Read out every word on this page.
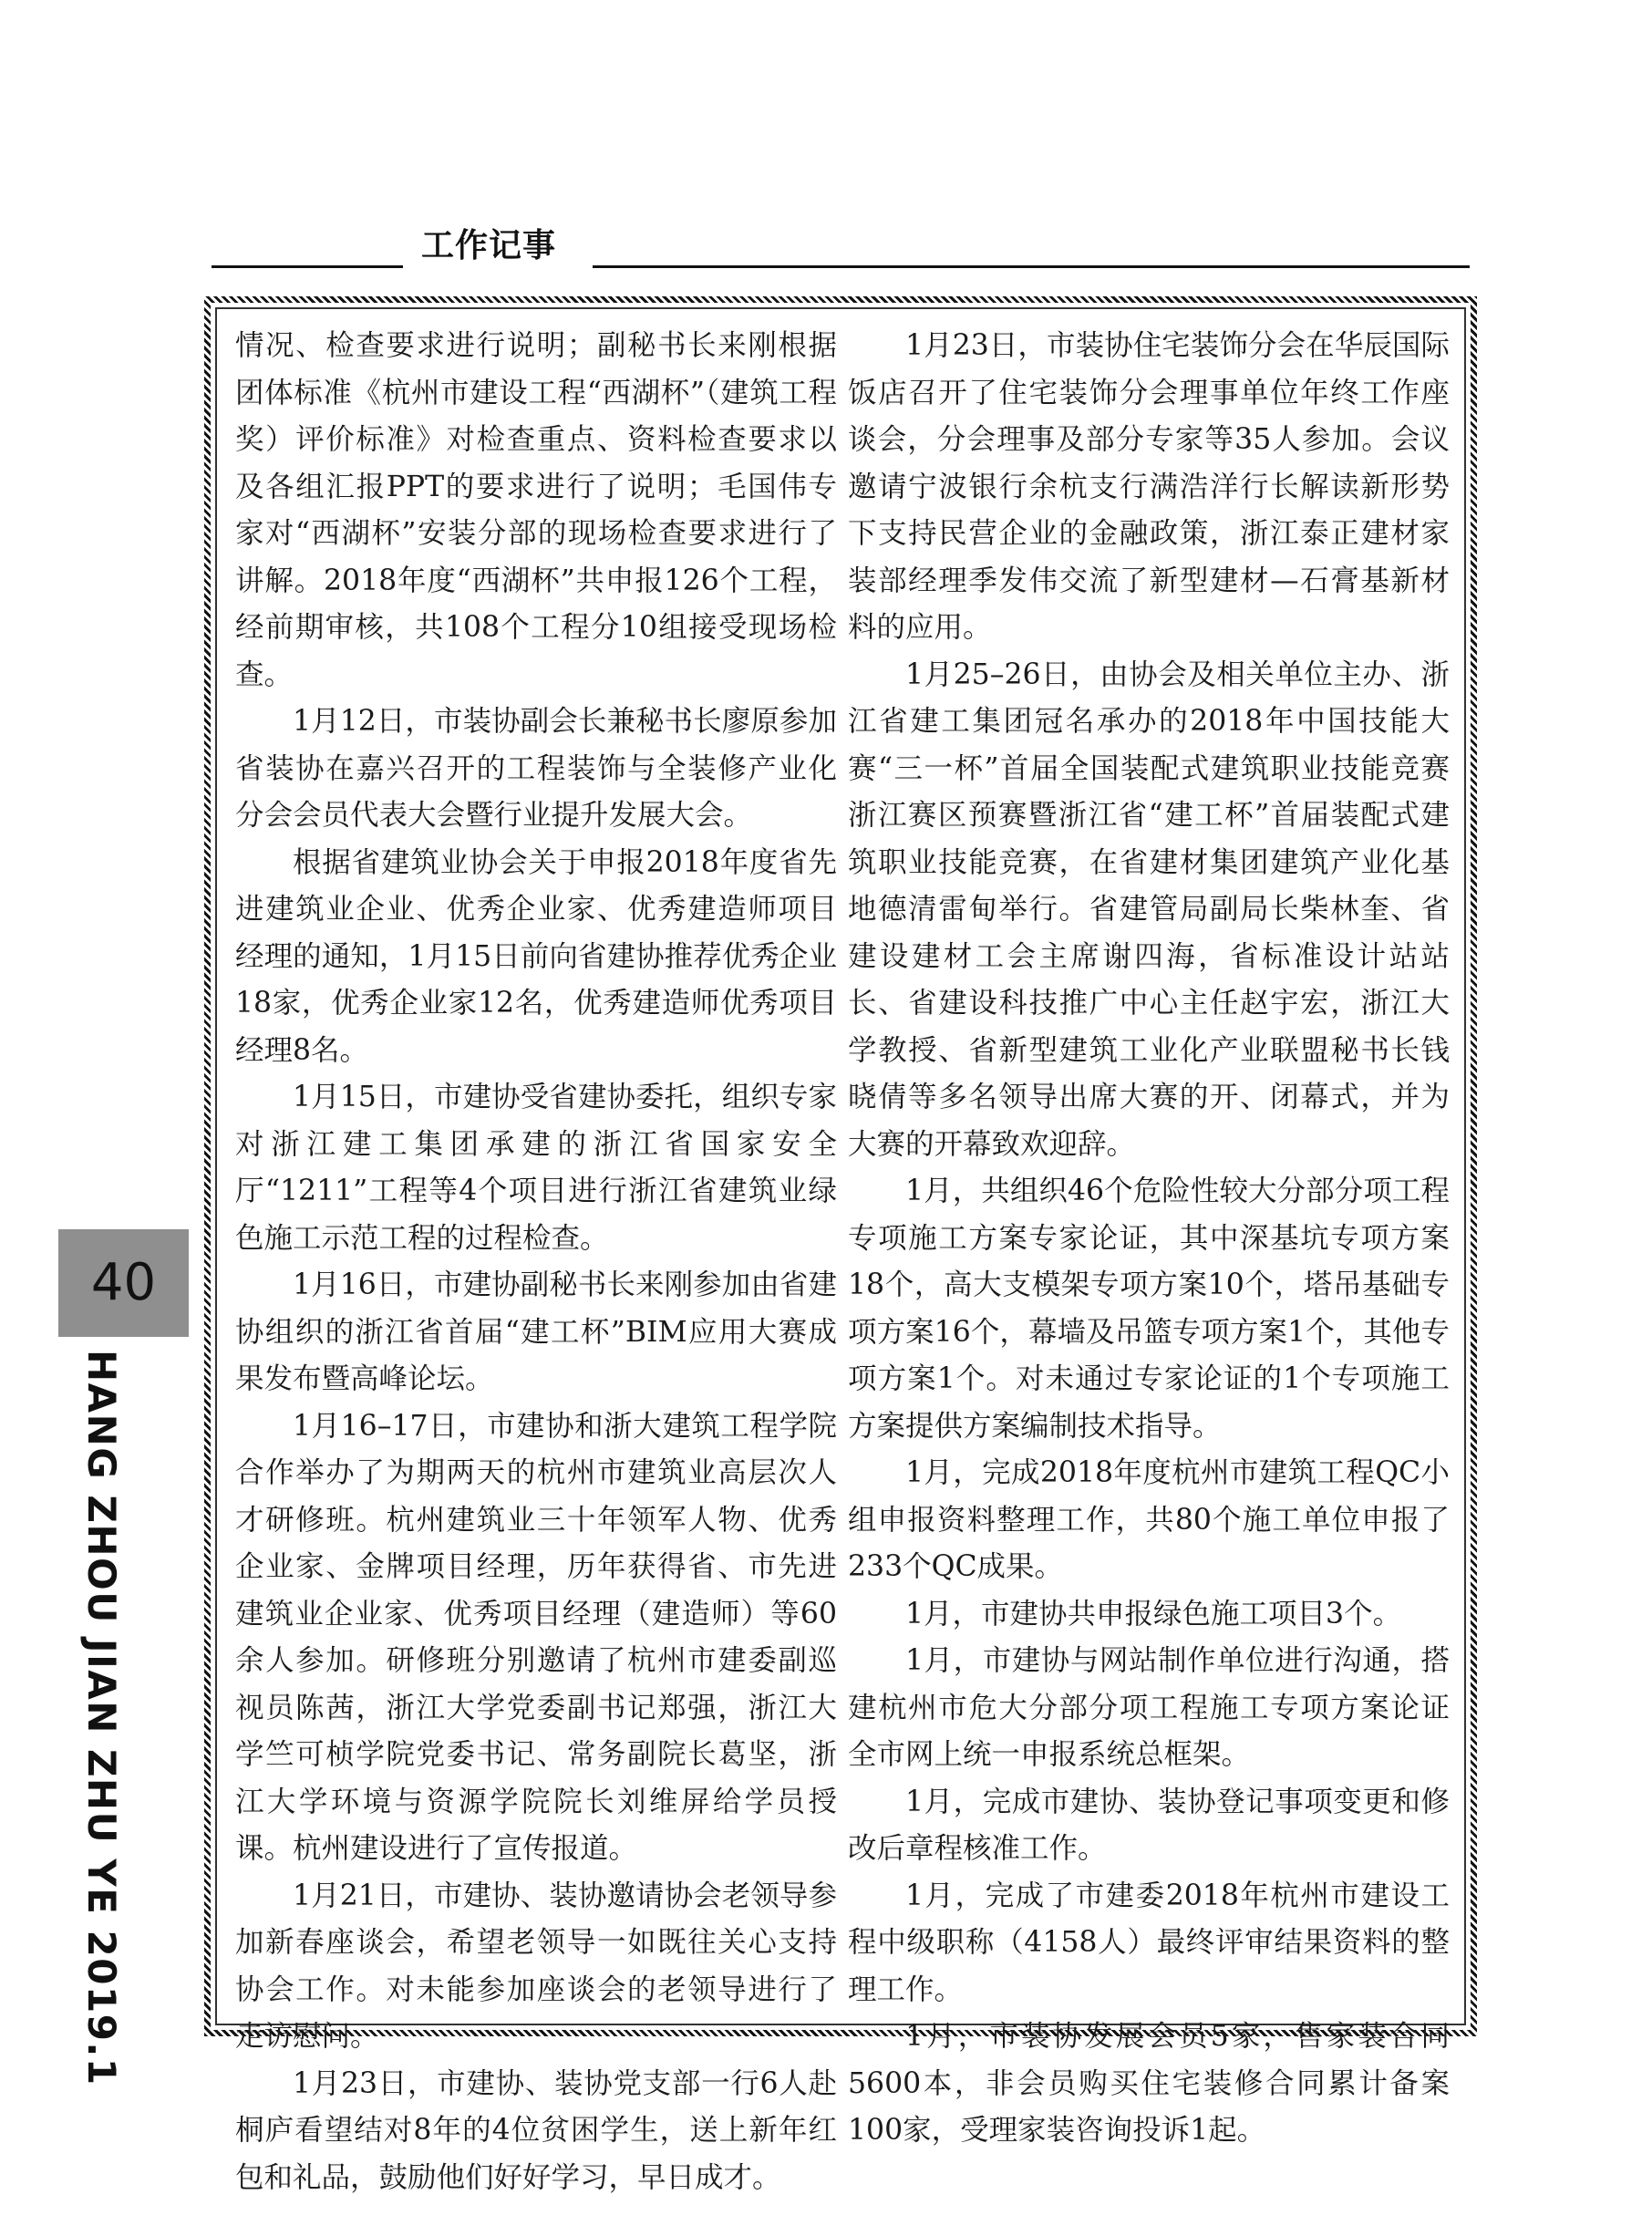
工作记事

情况、检查要求进行说明；副秘书长来刚根据团体标准《杭州市建设工程“西湖杯”（建筑工程奖）评价标准》对检查重点、资料检查要求以及各组汇报PPT的要求进行了说明；毛国伟专家对“西湖杯”安装分部的现场检查要求进行了讲解。2018年度“西湖杯”共申报126个工程，经前期审核，共108个工程分10组接受现场检查。

1月12日，市装协副会长兼秘书长廖原参加省装协在嘉兴召开的工程装饰与全装修产业化分会会员代表大会暨行业提升发展大会。

根据省建筑业协会关于申报2018年度省先进建筑业企业、优秀企业家、优秀建造师项目经理的通知，1月15日前向省建协推荐优秀企业18家，优秀企业家12名，优秀建造师优秀项目经理8名。

1月15日，市建协受省建协委托，组织专家对浙江建工集团承建的浙江省国家安全厅“1211”工程等4个项目进行浙江省建筑业绿色施工示范工程的过程检查。

1月16日，市建协副秘书长来刚参加由省建协组织的浙江省首届“建工杯”BIM应用大赛成果发布暨高峰论坛。

1月16–17日，市建协和浙大建筑工程学院合作举办了为期两天的杭州市建筑业高层次人才研修班。杭州建筑业三十年领军人物、优秀企业家、金牌项目经理，历年获得省、市先进建筑业企业家、优秀项目经理（建造师）等60余人参加。研修班分别邀请了杭州市建委副巡视员陈茜，浙江大学党委副书记郑强，浙江大学竺可桢学院党委书记、常务副院长葛坚，浙江大学环境与资源学院院长刘维屏给学员授课。杭州建设进行了宣传报道。

1月21日，市建协、装协邀请协会老领导参加新春座谈会，希望老领导一如既往关心支持协会工作。对未能参加座谈会的老领导进行了走访慰问。

1月23日，市建协、装协党支部一行6人赴桐庐看望结对8年的4位贫困学生，送上新年红包和礼品，鼓励他们好好学习，早日成才。

1月23日，市装协住宅装饰分会在华辰国际饭店召开了住宅装饰分会理事单位年终工作座谈会，分会理事及部分专家等35人参加。会议邀请宁波银行余杭支行满浩洋行长解读新形势下支持民营企业的金融政策，浙江泰正建材家装部经理季发伟交流了新型建材—石膏基新材料的应用。

1月25–26日，由协会及相关单位主办、浙江省建工集团冠名承办的2018年中国技能大赛“三一杯”首届全国装配式建筑职业技能竞赛浙江赛区预赛暨浙江省“建工杯”首届装配式建筑职业技能竞赛，在省建材集团建筑产业化基地德清雷甸举行。省建管局副局长柴林奎、省建设建材工会主席谢四海，省标准设计站站长、省建设科技推广中心主任赵宇宏，浙江大学教授、省新型建筑工业化产业联盟秘书长钱晓倩等多名领导出席大赛的开、闭幕式，并为大赛的开幕致欢迎辞。

1月，共组织46个危险性较大分部分项工程专项施工方案专家论证，其中深基坑专项方案18个，高大支模架专项方案10个，塔吊基础专项方案16个，幕墙及吊篮专项方案1个，其他专项方案1个。对未通过专家论证的1个专项施工方案提供方案编制技术指导。

1月，完成2018年度杭州市建筑工程QC小组申报资料整理工作，共80个施工单位申报了233个QC成果。

1月，市建协共申报绿色施工项目3个。

1月，市建协与网站制作单位进行沟通，搭建杭州市危大分部分项工程施工专项方案论证全市网上统一申报系统总框架。

1月，完成市建协、装协登记事项变更和修改后章程核准工作。

1月，完成了市建委2018年杭州市建设工程中级职称（4158人）最终评审结果资料的整理工作。

1月，市装协发展会员5家，售家装合同5600本，非会员购买住宅装修合同累计备案100家，受理家装咨询投诉1起。

40
HANG ZHOU JIAN ZHU YE 2019.1
